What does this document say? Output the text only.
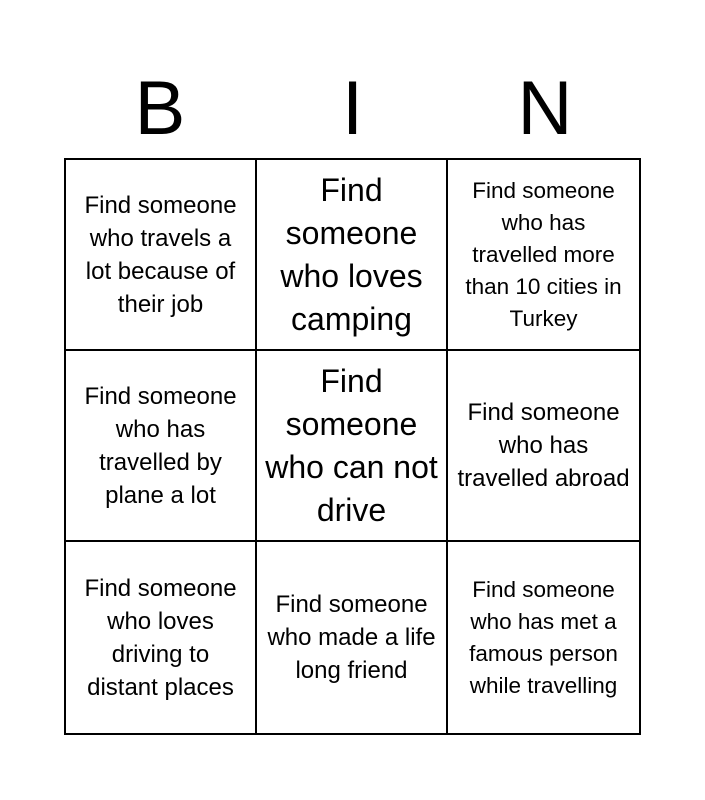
B	I	N
Find someone who travels a lot because of their job
Find someone who loves camping
Find someone who has travelled more than 10 cities in Turkey
Find someone who has travelled by plane a lot
Find someone who can not drive
Find someone who has travelled abroad
Find someone who loves driving to distant places
Find someone who made a life long friend
Find someone who has met a famous person while travelling
